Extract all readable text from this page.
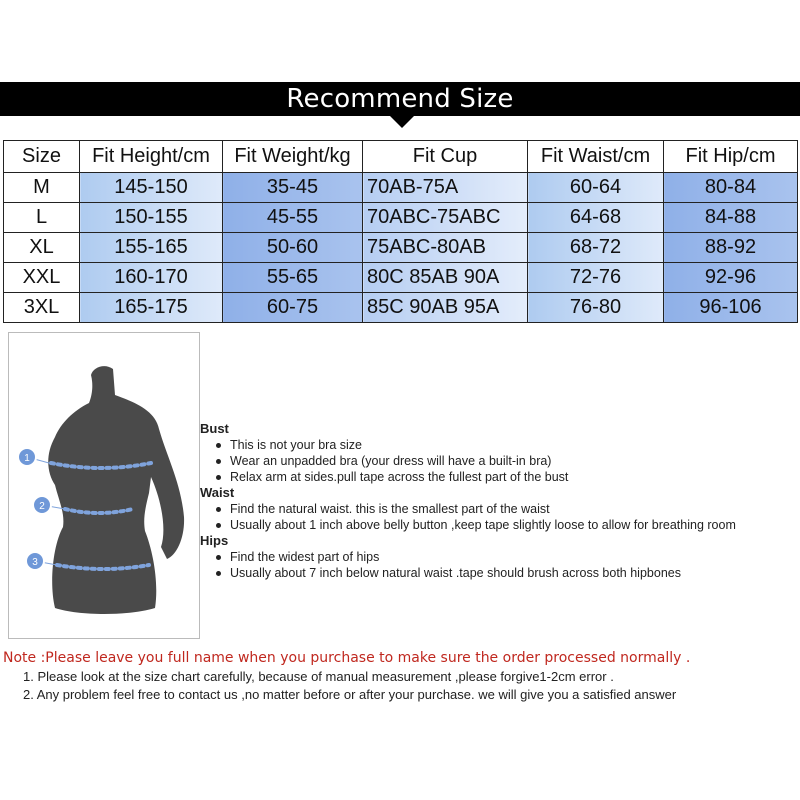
Recommend Size
Size	Fit Height/cm	Fit Weight/kg	Fit Cup	Fit Waist/cm	Fit Hip/cm
M	145-150	35-45	70AB-75A	60-64	80-84
L	150-155	45-55	70ABC-75ABC	64-68	84-88
XL	155-165	50-60	75ABC-80AB	68-72	88-92
XXL	160-170	55-65	80C 85AB 90A	72-76	92-96
3XL	165-175	60-75	85C 90AB 95A	76-80	96-106
1
2
3
Bust
This is not your bra size
Wear an unpadded bra (your dress will have a built-in bra)
Relax arm at sides.pull tape across the fullest part of the bust
Waist
Find the natural waist. this is the smallest part of the waist
Usually about 1 inch above belly button ,keep tape slightly loose to allow for breathing room
Hips
Find the widest part of hips
Usually about 7 inch below natural waist .tape should brush across both hipbones
Note :Please leave you full name when you purchase to make sure the order processed normally .
1. Please look at the size chart carefully, because of manual measurement ,please forgive1-2cm error .
2. Any problem feel free to contact us ,no matter before or after your purchase. we will give you a satisfied answer
